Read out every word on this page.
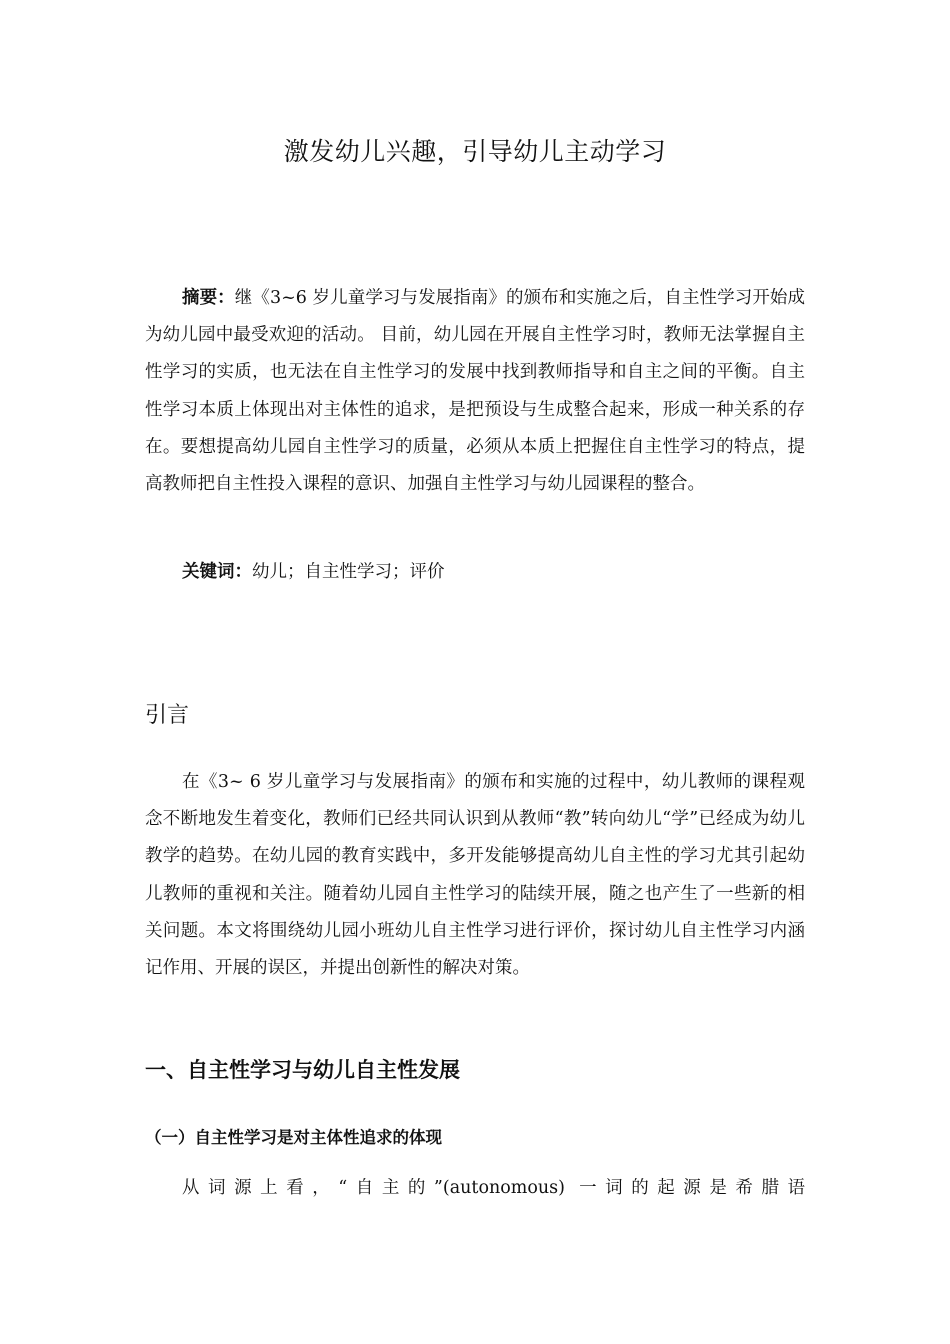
激发幼儿兴趣，引导幼儿主动学习

摘要：继《3~6 岁儿童学习与发展指南》的颁布和实施之后，自主性学习开始成为幼儿园中最受欢迎的活动。 目前，幼儿园在开展自主性学习时，教师无法掌握自主性学习的实质，也无法在自主性学习的发展中找到教师指导和自主之间的平衡。自主性学习本质上体现出对主体性的追求，是把预设与生成整合起来，形成一种关系的存在。要想提高幼儿园自主性学习的质量，必须从本质上把握住自主性学习的特点，提高教师把自主性投入课程的意识、加强自主性学习与幼儿园课程的整合。

关键词：幼儿；自主性学习；评价

引言

在《3~ 6 岁儿童学习与发展指南》的颁布和实施的过程中，幼儿教师的课程观念不断地发生着变化，教师们已经共同认识到从教师“教”转向幼儿“学”已经成为幼儿教学的趋势。在幼儿园的教育实践中，多开发能够提高幼儿自主性的学习尤其引起幼儿教师的重视和关注。随着幼儿园自主性学习的陆续开展，随之也产生了一些新的相关问题。本文将围绕幼儿园小班幼儿自主性学习进行评价，探讨幼儿自主性学习内涵记作用、开展的误区，并提出创新性的解决对策。

一、自主性学习与幼儿自主性发展
（一）自主性学习是对主体性追求的体现

从词源上看，“自主的”(autonomous) 一词的起源是希腊语
